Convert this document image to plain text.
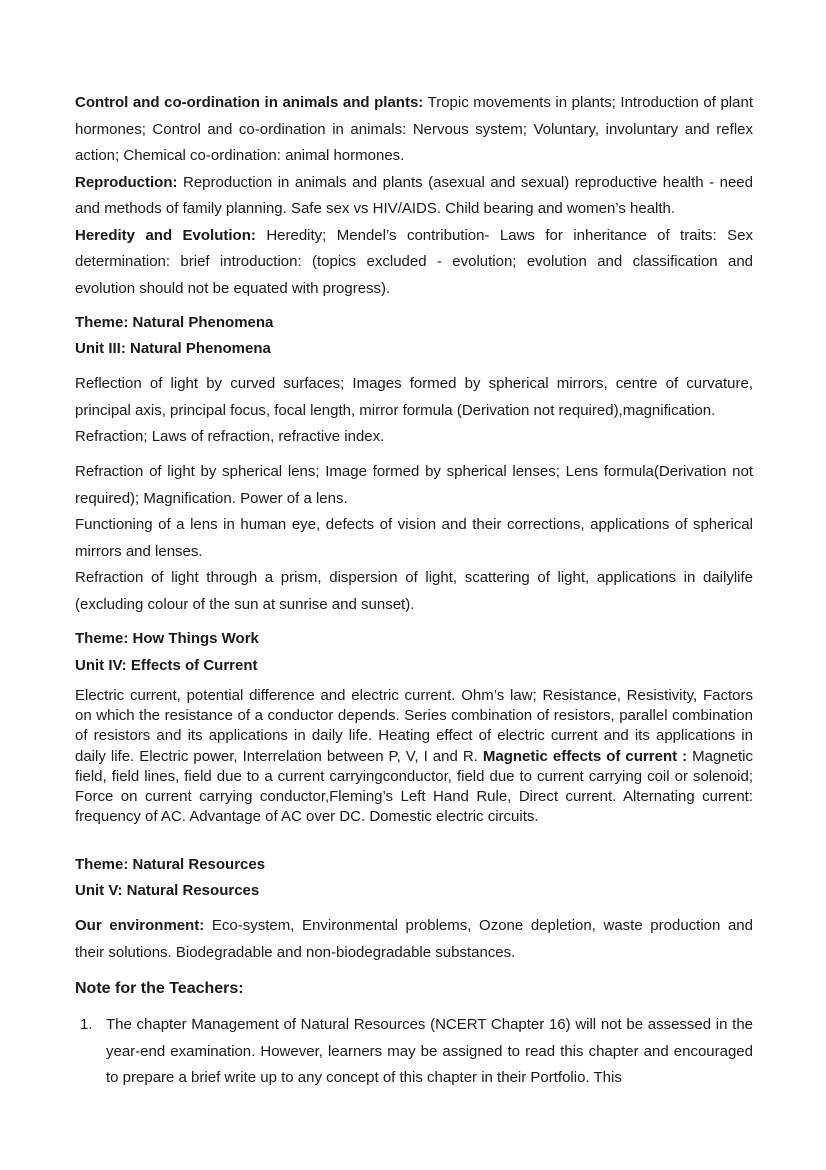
Control and co-ordination in animals and plants: Tropic movements in plants; Introduction of plant hormones; Control and co-ordination in animals: Nervous system; Voluntary, involuntary and reflex action; Chemical co-ordination: animal hormones.
Reproduction: Reproduction in animals and plants (asexual and sexual) reproductive health - need and methods of family planning. Safe sex vs HIV/AIDS. Child bearing and women’s health.
Heredity and Evolution: Heredity; Mendel’s contribution- Laws for inheritance of traits: Sex determination: brief introduction: (topics excluded - evolution; evolution and classification and evolution should not be equated with progress).
Theme: Natural Phenomena
Unit III: Natural Phenomena
Reflection of light by curved surfaces; Images formed by spherical mirrors, centre of curvature, principal axis, principal focus, focal length, mirror formula (Derivation not required),magnification.
Refraction; Laws of refraction, refractive index.
Refraction of light by spherical lens; Image formed by spherical lenses; Lens formula(Derivation not required); Magnification. Power of a lens.
Functioning of a lens in human eye, defects of vision and their corrections, applications of spherical mirrors and lenses.
Refraction of light through a prism, dispersion of light, scattering of light, applications in dailylife (excluding colour of the sun at sunrise and sunset).
Theme: How Things Work
Unit IV: Effects of Current
Electric current, potential difference and electric current. Ohm’s law; Resistance, Resistivity, Factors on which the resistance of a conductor depends. Series combination of resistors, parallel combination of resistors and its applications in daily life. Heating effect of electric current and its applications in daily life. Electric power, Interrelation between P, V, I and R. Magnetic effects of current : Magnetic field, field lines, field due to a current carryingconductor, field due to current carrying coil or solenoid; Force on current carrying conductor,Fleming’s Left Hand Rule, Direct current. Alternating current: frequency of AC. Advantage of AC over DC. Domestic electric circuits.
Theme: Natural Resources
Unit V: Natural Resources
Our environment: Eco-system, Environmental problems, Ozone depletion, waste production and their solutions. Biodegradable and non-biodegradable substances.
Note for the Teachers:
1. The chapter Management of Natural Resources (NCERT Chapter 16) will not be assessed in the year-end examination. However, learners may be assigned to read this chapter and encouraged to prepare a brief write up to any concept of this chapter in their Portfolio. This
